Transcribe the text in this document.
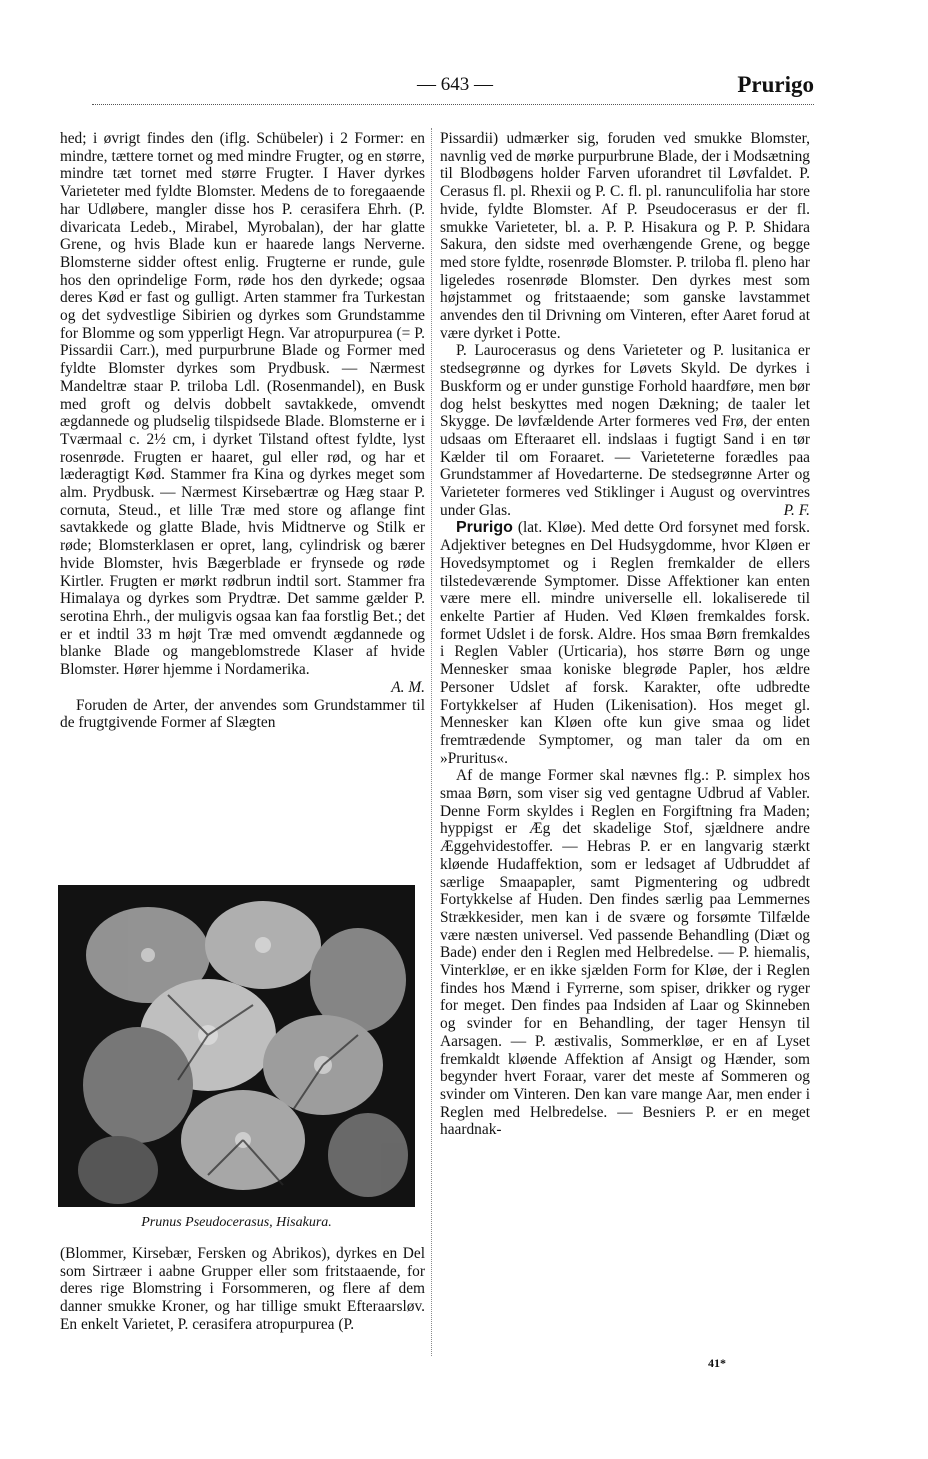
— 643 —	Prurigo

hed; i øvrigt findes den (iflg. Schübeler) i 2 Former: en mindre, tættere tornet og med mindre Frugter, og en større, mindre tæt tornet med større Frugter. I Haver dyrkes Varieteter med fyldte Blomster. Medens de to foregaaende har Udløbere, mangler disse hos P. cerasifera Ehrh. (P. divaricata Ledeb., Mirabel, Myrobalan), der har glatte Grene, og hvis Blade kun er haarede langs Nerverne. Blomsterne sidder oftest enlig. Frugterne er runde, gule hos den oprindelige Form, røde hos den dyrkede; ogsaa deres Kød er fast og gulligt. Arten stammer fra Turkestan og det sydvestlige Sibirien og dyrkes som Grundstamme for Blomme og som ypperligt Hegn. Var atropurpurea (= P. Pissardii Carr.), med purpurbrune Blade og Former med fyldte Blomster dyrkes som Prydbusk. — Nærmest Mandeltræ staar P. triloba Ldl. (Rosenmandel), en Busk med groft og delvis dobbelt savtakkede, omvendt ægdannede og pludselig tilspidsede Blade. Blomsterne er i Tværmaal c. 2½ cm, i dyrket Tilstand oftest fyldte, lyst rosenrøde. Frugten er haaret, gul eller rød, og har et læderagtigt Kød. Stammer fra Kina og dyrkes meget som alm. Prydbusk. — Nærmest Kirsebærtræ og Hæg staar P. cornuta, Steud., et lille Træ med store og aflange fint savtakkede og glatte Blade, hvis Midtnerve og Stilk er røde; Blomsterklasen er opret, lang, cylindrisk og bærer hvide Blomster, hvis Bægerblade er frynsede og røde Kirtler. Frugten er mørkt rødbrun indtil sort. Stammer fra Himalaya og dyrkes som Prydtræ. Det samme gælder P. serotina Ehrh., der muligvis ogsaa kan faa forstlig Bet.; det er et indtil 33 m højt Træ med omvendt ægdannede og blanke Blade og mangeblomstrede Klaser af hvide Blomster. Hører hjemme i Nordamerika.

A. M.

Foruden de Arter, der anvendes som Grundstammer til de frugtgivende Former af Slægten

Prunus Pseudocerasus, Hisakura.

(Blommer, Kirsebær, Fersken og Abrikos), dyrkes en Del som Sirtræer i aabne Grupper eller som fritstaaende, for deres rige Blomstring i Forsommeren, og flere af dem danner smukke Kroner, og har tillige smukt Efteraarsløv. En enkelt Varietet, P. cerasifera atropurpurea (P.

Pissardii) udmærker sig, foruden ved smukke Blomster, navnlig ved de mørke purpurbrune Blade, der i Modsætning til Blodbøgens holder Farven uforandret til Løvfaldet. P. Cerasus fl. pl. Rhexii og P. C. fl. pl. ranunculifolia har store hvide, fyldte Blomster. Af P. Pseudocerasus er der fl. smukke Varieteter, bl. a. P. P. Hisakura og P. P. Shidara Sakura, den sidste med overhængende Grene, og begge med store fyldte, rosenrøde Blomster. P. triloba fl. pleno har ligeledes rosenrøde Blomster. Den dyrkes mest som højstammet og fritstaaende; som ganske lavstammet anvendes den til Drivning om Vinteren, efter Aaret forud at være dyrket i Potte.

P. Laurocerasus og dens Varieteter og P. lusitanica er stedsegrønne og dyrkes for Løvets Skyld. De dyrkes i Buskform og er under gunstige Forhold haardføre, men bør dog helst beskyttes med nogen Dækning; de taaler let Skygge. De løvfældende Arter formeres ved Frø, der enten udsaas om Efteraaret ell. indslaas i fugtigt Sand i en tør Kælder til om Foraaret. — Varieteterne forædles paa Grundstammer af Hovedarterne. De stedsegrønne Arter og Varieteter formeres ved Stiklinger i August og overvintres under Glas.	P. F.

Prurigo (lat. Kløe). Med dette Ord forsynet med forsk. Adjektiver betegnes en Del Hudsygdomme, hvor Kløen er Hovedsymptomet og i Reglen fremkalder de ellers tilstedeværende Symptomer. Disse Affektioner kan enten være mere ell. mindre universelle ell. lokaliserede til enkelte Partier af Huden. Ved Kløen fremkaldes forsk. formet Udslet i de forsk. Aldre. Hos smaa Børn fremkaldes i Reglen Vabler (Urticaria), hos større Børn og unge Mennesker smaa koniske blegrøde Papler, hos ældre Personer Udslet af forsk. Karakter, ofte udbredte Fortykkelser af Huden (Likenisation). Hos meget gl. Mennesker kan Kløen ofte kun give smaa og lidet fremtrædende Symptomer, og man taler da om en »Pruritus«.

Af de mange Former skal nævnes flg.: P. simplex hos smaa Børn, som viser sig ved gentagne Udbrud af Vabler. Denne Form skyldes i Reglen en Forgiftning fra Maden; hyppigst er Æg det skadelige Stof, sjældnere andre Æggehvidestoffer. — Hebras P. er en langvarig stærkt kløende Hudaffektion, som er ledsaget af Udbruddet af særlige Smaapapler, samt Pigmentering og udbredt Fortykkelse af Huden. Den findes særlig paa Lemmernes Strækkesider, men kan i de svære og forsømte Tilfælde være næsten universel. Ved passende Behandling (Diæt og Bade) ender den i Reglen med Helbredelse. — P. hiemalis, Vinterkløe, er en ikke sjælden Form for Kløe, der i Reglen findes hos Mænd i Fyrrerne, som spiser, drikker og ryger for meget. Den findes paa Indsiden af Laar og Skinneben og svinder for en Behandling, der tager Hensyn til Aarsagen. — P. æstivalis, Sommerkløe, er en af Lyset fremkaldt kløende Affektion af Ansigt og Hænder, som begynder hvert Foraar, varer det meste af Sommeren og svinder om Vinteren. Den kan vare mange Aar, men ender i Reglen med Helbredelse. — Besniers P. er en meget haardnak-

41*
